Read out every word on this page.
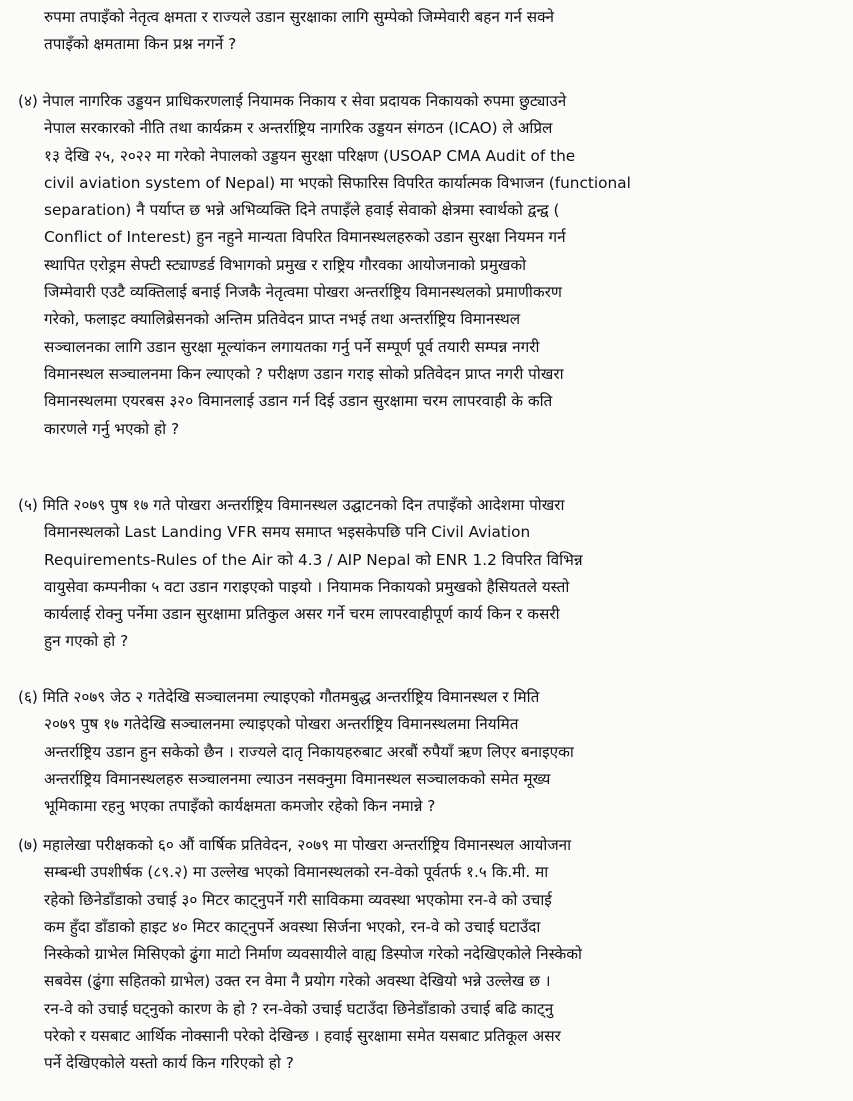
रुपमा तपाइँको नेतृत्व क्षमता र राज्यले उडान सुरक्षाका लागि सुम्पेको जिम्मेवारी बहन गर्न सक्ने
तपाइँको क्षमतामा किन प्रश्न नगर्ने ?
(४) नेपाल नागरिक उड्डयन प्राधिकरणलाई नियामक निकाय र सेवा प्रदायक निकायको रुपमा छुट्याउने
नेपाल सरकारको नीति तथा कार्यक्रम र अन्तर्राष्ट्रिय नागरिक उड्डयन संगठन (ICAO) ले अप्रिल
१३ देखि २५, २०२२ मा गरेको नेपालको उड्डयन सुरक्षा परिक्षण (USOAP CMA Audit of the
civil aviation system of Nepal) मा भएको सिफारिस विपरित कार्यात्मक विभाजन (functional
separation) नै पर्याप्त छ भन्ने अभिव्यक्ति दिने तपाइँले हवाई सेवाको क्षेत्रमा स्वार्थको द्वन्द्व (
Conflict of Interest) हुन नहुने मान्यता विपरित विमानस्थलहरुको उडान सुरक्षा नियमन गर्न
स्थापित एरोड्रम सेफ्टी स्ट्याण्डर्ड विभागको प्रमुख र राष्ट्रिय गौरवका आयोजनाको प्रमुखको
जिम्मेवारी एउटै व्यक्तिलाई बनाई निजकै नेतृत्वमा पोखरा अन्तर्राष्ट्रिय विमानस्थलको प्रमाणीकरण
गरेको, फलाइट क्यालिब्रेसनको अन्तिम प्रतिवेदन प्राप्त नभई तथा अन्तर्राष्ट्रिय विमानस्थल
सञ्चालनका लागि उडान सुरक्षा मूल्यांकन लगायतका गर्नु पर्ने सम्पूर्ण पूर्व तयारी सम्पन्न नगरी
विमानस्थल सञ्चालनमा किन ल्याएको ? परीक्षण उडान गराइ सोको प्रतिवेदन प्राप्त नगरी पोखरा
विमानस्थलमा एयरबस ३२० विमानलाई उडान गर्न दिई उडान सुरक्षामा चरम लापरवाही के कति
कारणले गर्नु भएको हो ?
(५) मिति २०७९ पुष १७ गते पोखरा अन्तर्राष्ट्रिय विमानस्थल उद्घाटनको दिन तपाइँको आदेशमा पोखरा
विमानस्थलको Last Landing VFR समय समाप्त भइसकेपछि पनि Civil Aviation
Requirements-Rules of the Air को 4.3 / AIP Nepal को ENR 1.2 विपरित विभिन्न
वायुसेवा कम्पनीका ५ वटा उडान गराइएको पाइयो । नियामक निकायको प्रमुखको हैसियतले यस्तो
कार्यलाई रोक्नु पर्नेमा उडान सुरक्षामा प्रतिकुल असर गर्ने चरम लापरवाहीपूर्ण कार्य किन र कसरी
हुन गएको हो ?
(६) मिति २०७९ जेठ २ गतेदेखि सञ्चालनमा ल्याइएको गौतमबुद्ध अन्तर्राष्ट्रिय विमानस्थल र मिति
२०७९ पुष १७ गतेदेखि सञ्चालनमा ल्याइएको पोखरा अन्तर्राष्ट्रिय विमानस्थलमा नियमित
अन्तर्राष्ट्रिय उडान हुन सकेको छैन । राज्यले दातृ निकायहरुबाट अरबौं रुपैयाँ ऋण लिएर बनाइएका
अन्तर्राष्ट्रिय विमानस्थलहरु सञ्चालनमा ल्याउन नसक्नुमा विमानस्थल सञ्चालकको समेत मूख्य
भूमिकामा रहनु भएका तपाइँको कार्यक्षमता कमजोर रहेको किन नमान्ने ?
(७) महालेखा परीक्षकको ६० औं वार्षिक प्रतिवेदन, २०७९ मा पोखरा अन्तर्राष्ट्रिय विमानस्थल आयोजना
सम्बन्धी उपशीर्षक (८९.२) मा उल्लेख भएको विमानस्थलको रन-वेको पूर्वतर्फ १.५ कि.मी. मा
रहेको छिनेडाँडाको उचाई ३० मिटर काट्नुपर्ने गरी साविकमा व्यवस्था भएकोमा रन-वे को उचाई
कम हुँदा डाँडाको हाइट ४० मिटर काट्नुपर्ने अवस्था सिर्जना भएको, रन-वे को उचाई घटाउँदा
निस्केको ग्राभेल मिसिएको ढुंगा माटो निर्माण व्यवसायीले वाह्य डिस्पोज गरेको नदेखिएकोले निस्केको
सबवेस (ढुंगा सहितको ग्राभेल) उक्त रन वेमा नै प्रयोग गरेको अवस्था देखियो भन्ने उल्लेख छ ।
रन-वे को उचाई घट्नुको कारण के हो ? रन-वेको उचाई घटाउँदा छिनेडाँडाको उचाई बढि काट्नु
परेको र यसबाट आर्थिक नोक्सानी परेको देखिन्छ । हवाई सुरक्षामा समेत यसबाट प्रतिकूल असर
पर्ने देखिएकोले यस्तो कार्य किन गरिएको हो ?
